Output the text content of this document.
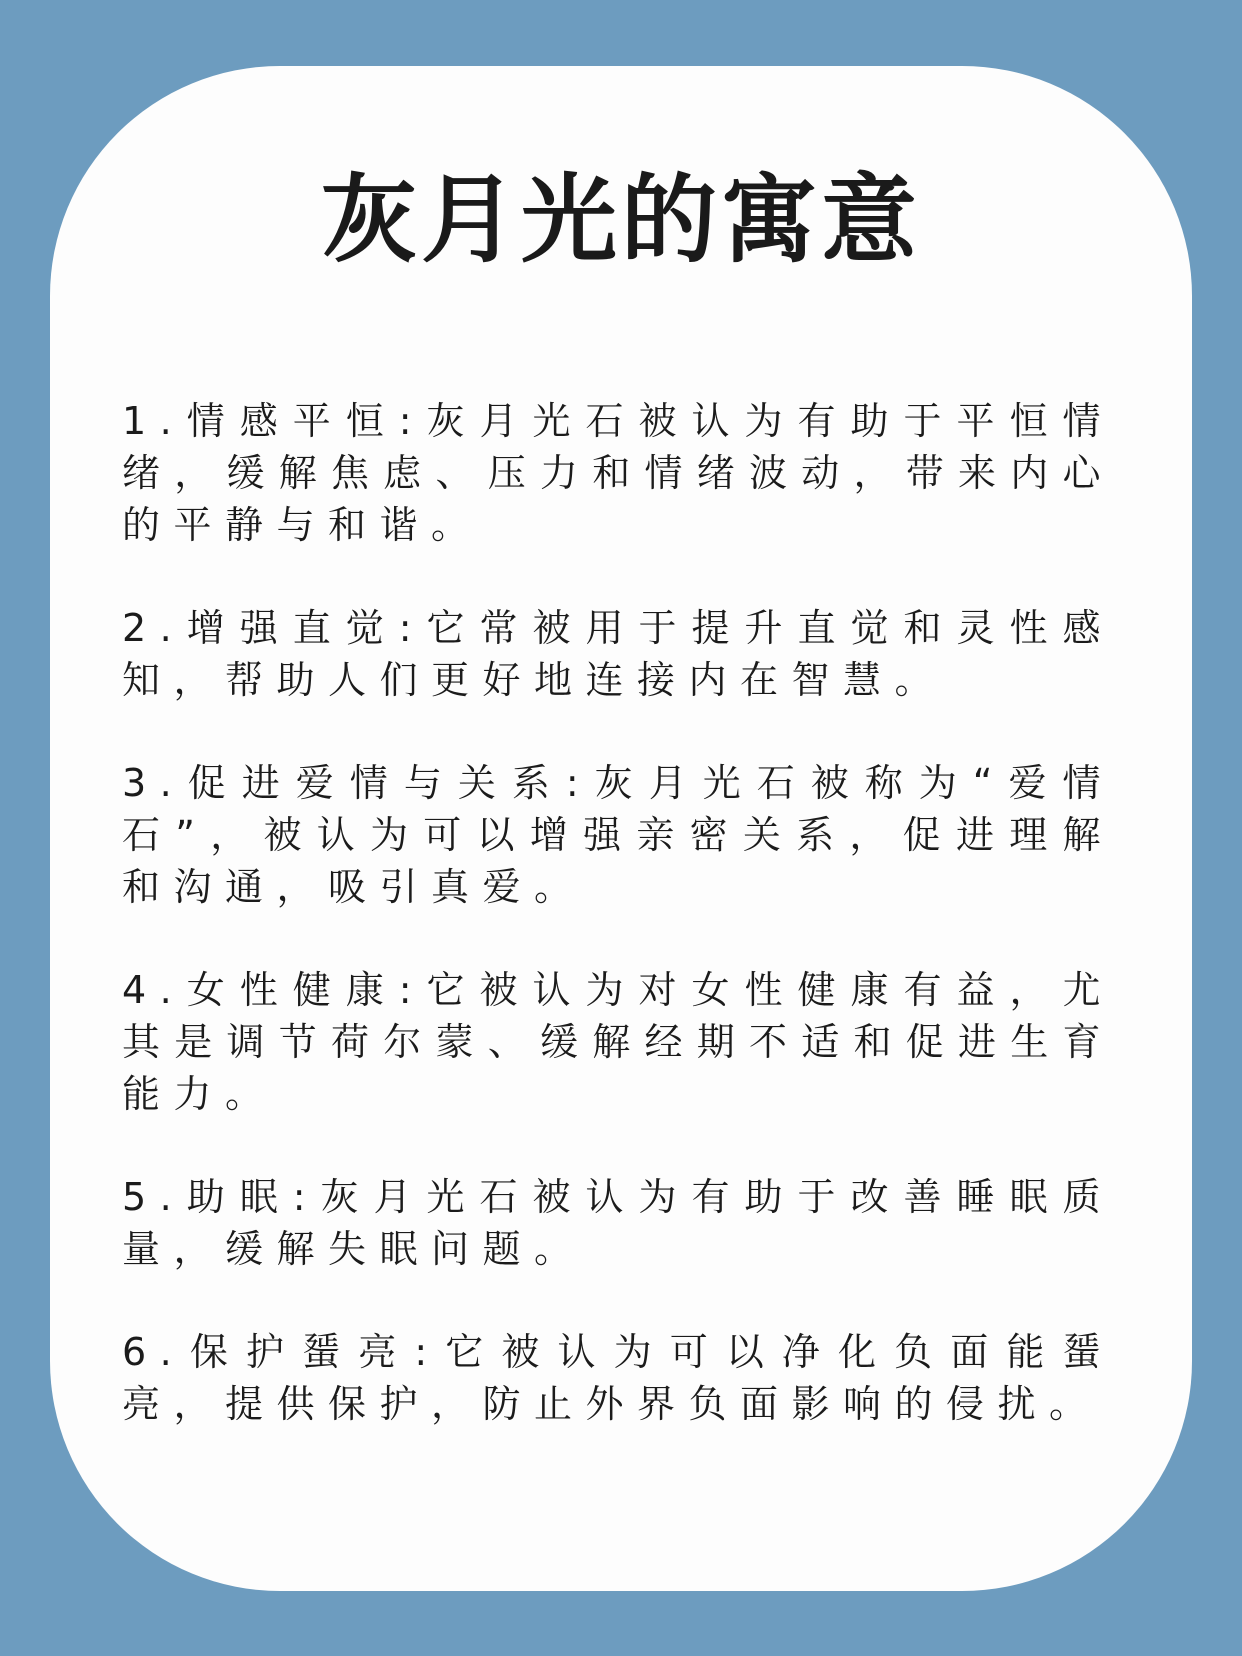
灰月光的寓意
1.情感平恒:灰月光石被认为有助于平恒情绪，缓解焦虑、压力和情绪波动，带来内心的平静与和谐。
2.增强直觉:它常被用于提升直觉和灵性感知，帮助人们更好地连接内在智慧。
3.促进爱情与关系:灰月光石被称为“爱情石”，被认为可以增强亲密关系，促进理解和沟通，吸引真爱。
4.女性健康:它被认为对女性健康有益，尤其是调节荷尔蒙、缓解经期不适和促进生育能力。
5.助眠:灰月光石被认为有助于改善睡眠质量，缓解失眠问题。
6.保护蜑亮:它被认为可以净化负面能蜑亮，提供保护，防止外界负面影响的侵扰。
